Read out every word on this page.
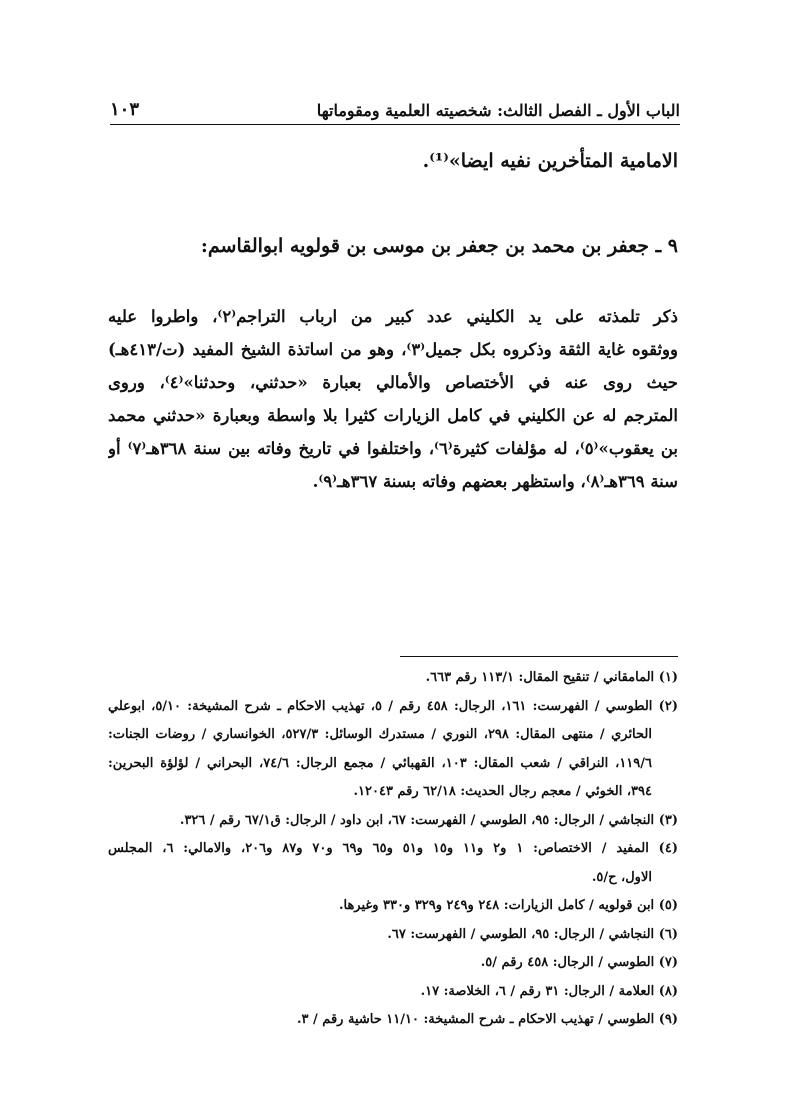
الباب الأول ـ الفصل الثالث: شخصيته العلمية ومقوماتها
١٠٣
الامامية المتأخرين نفيه ايضا»⁽¹⁾.
٩ ـ جعفر بن محمد بن جعفر بن موسى بن قولويه ابوالقاسم:
ذكر تلمذته على يد الكليني عدد كبير من ارباب التراجم⁽٢⁾، واطروا عليه
ووثقوه غاية الثقة وذكروه بكل جميل⁽٣⁾، وهو من اساتذة الشيخ المفيد (ت/٤١٣هـ)
حيث روى عنه في الأختصاص والأمالي بعبارة «حدثني، وحدثنا»⁽٤⁾، وروى
المترجم له عن الكليني في كامل الزيارات كثيرا بلا واسطة وبعبارة «حدثني محمد
بن يعقوب»⁽٥⁾، له مؤلفات كثيرة⁽٦⁾، واختلفوا في تاريخ وفاته بين سنة ٣٦٨هـ⁽٧⁾ أو
سنة ٣٦٩هـ⁽٨⁾، واستظهر بعضهم وفاته بسنة ٣٦٧هـ⁽٩⁾.
(١) المامقاني / تنقيح المقال: ١١٣/١ رقم ٦٦٣.
(٢) الطوسي / الفهرست: ١٦١، الرجال: ٤٥٨ رقم / ٥، تهذيب الاحكام ـ شرح المشيخة: ٥/١٠، ابوعلي
الحائري / منتهى المقال: ٢٩٨، النوري / مستدرك الوسائل: ٥٢٧/٣، الخوانساري / روضات الجنات:
١١٩/٦، النراقي / شعب المقال: ١٠٣، القهبائي / مجمع الرجال: ٧٤/٦، البحراني / لؤلؤة البحرين:
٣٩٤، الخوئي / معجم رجال الحديث: ٦٢/١٨ رقم ١٢٠٤٣.
(٣) النجاشي / الرجال: ٩٥، الطوسي / الفهرست: ٦٧، ابن داود / الرجال: ق٦٧/١ رقم / ٣٢٦.
(٤) المفيد / الاختصاص: ١ و٢ و١١ و١٥ و٥١ و٦٥ و٦٩ و٧٠ و٨٧ و٢٠٦، والامالي: ٦، المجلس
الاول، ح/٥.
(٥) ابن قولويه / كامل الزيارات: ٢٤٨ و٢٤٩ و٣٢٩ و٣٣٠ وغيرها.
(٦) النجاشي / الرجال: ٩٥، الطوسي / الفهرست: ٦٧.
(٧) الطوسي / الرجال: ٤٥٨ رقم /٥.
(٨) العلامة / الرجال: ٣١ رقم / ٦، الخلاصة: ١٧.
(٩) الطوسي / تهذيب الاحكام ـ شرح المشيخة: ١١/١٠ حاشية رقم / ٣.
